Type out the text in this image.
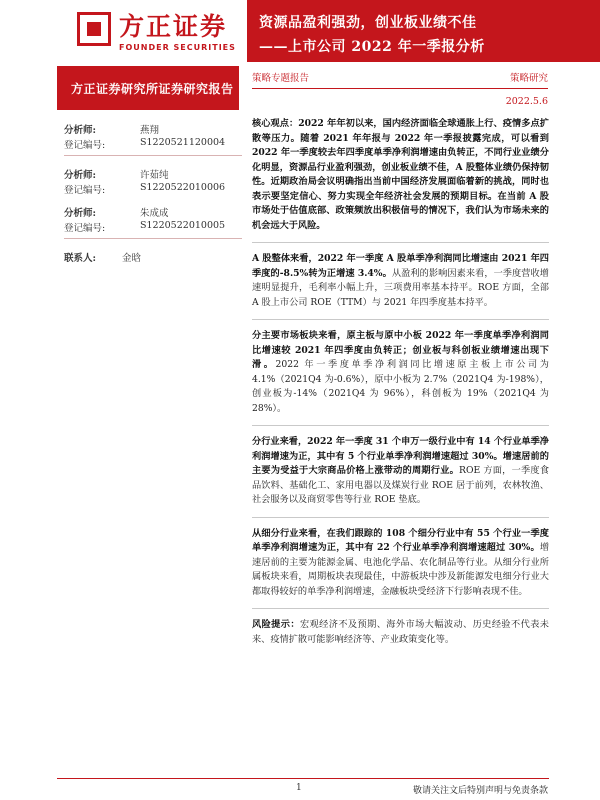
方正证券
FOUNDER SECURITIES
资源品盈利强劲，创业板业绩不佳
——上市公司 2022 年一季报分析
方正证券研究所证券研究报告
分析师:	燕翔
登记编号:	S1220521120004
分析师:	许茹纯
登记编号:	S1220522010006
分析师:	朱成成
登记编号:	S1220522010005
联系人:	金晗
策略专题报告	策略研究
2022.5.6

核心观点：2022 年年初以来，国内经济面临全球通胀上行、疫情多点扩散等压力。随着 2021 年年报与 2022 年一季报披露完成，可以看到 2022 年一季度较去年四季度单季净利润增速由负转正，不同行业业绩分化明显，资源品行业盈利强劲，创业板业绩不佳，A 股整体业绩仍保持韧性。近期政治局会议明确指出当前中国经济发展面临着新的挑战，同时也表示要坚定信心、努力实现全年经济社会发展的预期目标。在当前 A 股市场处于估值底部、政策频放出积极信号的情况下，我们认为市场未来的机会远大于风险。

A 股整体来看，2022 年一季度 A 股单季净利润同比增速由 2021 年四季度的-8.5%转为正增速 3.4%。从盈利的影响因素来看，一季度营收增速明显提升，毛利率小幅上升，三项费用率基本持平。ROE 方面，全部 A 股上市公司 ROE（TTM）与 2021 年四季度基本持平。

分主要市场板块来看，原主板与原中小板 2022 年一季度单季净利润同比增速较 2021 年四季度由负转正；创业板与科创板业绩增速出现下滑。2022 年一季度单季净利润同比增速原主板上市公司为 4.1%（2021Q4 为-0.6%），原中小板为 2.7%（2021Q4 为-198%），创业板为-14%（2021Q4 为 96%），科创板为 19%（2021Q4 为 28%）。

分行业来看，2022 年一季度 31 个申万一级行业中有 14 个行业单季净利润增速为正，其中有 5 个行业单季净利润增速超过 30%。增速居前的主要为受益于大宗商品价格上涨带动的周期行业。ROE 方面，一季度食品饮料、基础化工、家用电器以及煤炭行业 ROE 居于前列，农林牧渔、社会服务以及商贸零售等行业 ROE 垫底。

从细分行业来看，在我们跟踪的 108 个细分行业中有 55 个行业一季度单季净利润增速为正，其中有 22 个行业单季净利润增速超过 30%。增速居前的主要为能源金属、电池化学品、农化制品等行业。从细分行业所属板块来看，周期板块表现最佳，中游板块中涉及新能源发电细分行业大都取得较好的单季净利润增速，金融板块受经济下行影响表现不佳。

风险提示：宏观经济不及预期、海外市场大幅波动、历史经验不代表未来、疫情扩散可能影响经济等、产业政策变化等。

1	敬请关注文后特别声明与免责条款
